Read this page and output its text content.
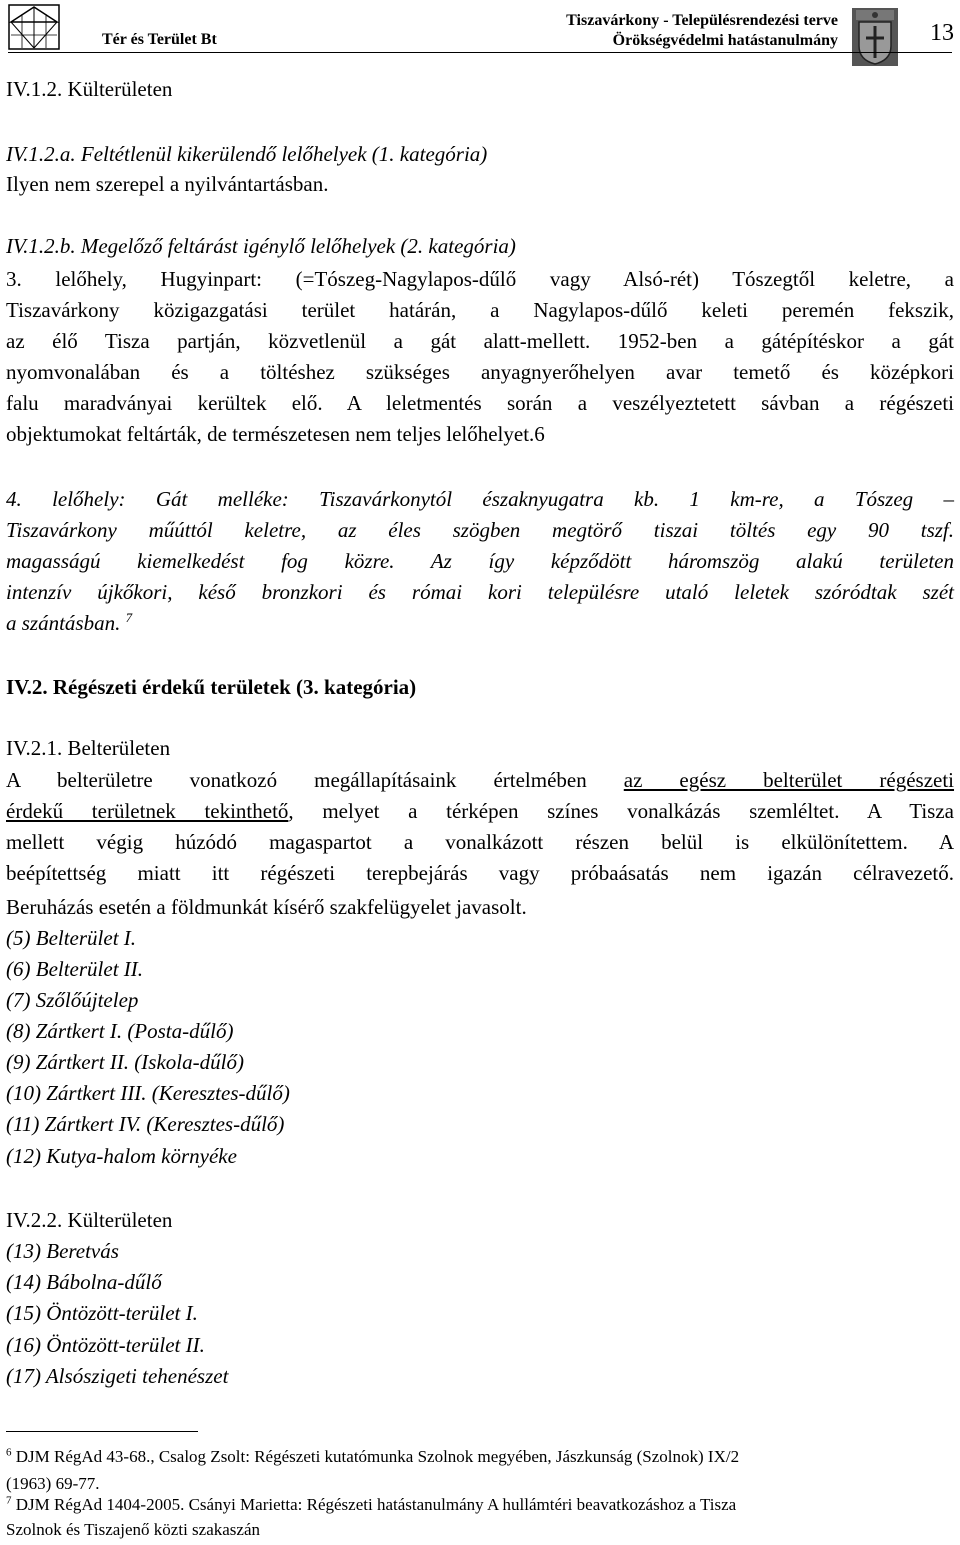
Tér és Terület Bt
Tiszavárkony - Településrendezési terve
Örökségvédelmi hatástanulmány	13
IV.1.2. Külterületen
IV.1.2.a. Feltétlenül kikerülendő lelőhelyek (1. kategória)
Ilyen nem szerepel a nyilvántartásban.
IV.1.2.b. Megelőző feltárást igénylő lelőhelyek (2. kategória)
3. lelőhely, Hugyinpart: (=Tószeg-Nagylapos-dűlő vagy Alsó-rét) Tószegtől keletre, a
Tiszavárkony közigazgatási terület határán, a Nagylapos-dűlő keleti peremén fekszik,
az élő Tisza partján, közvetlenül a gát alatt-mellett. 1952-ben a gátépítéskor a gát
nyomvonalában és a töltéshez szükséges anyagnyerőhelyen avar temető és középkori
falu maradványai kerültek elő. A leletmentés során a veszélyeztetett sávban a régészeti
objektumokat feltárták, de természetesen nem teljes lelőhelyet.6
4. lelőhely: Gát melléke: Tiszavárkonytól északnyugatra kb. 1 km-re, a Tószeg –
Tiszavárkony műúttól keletre, az éles szögben megtörő tiszai töltés egy 90 tszf.
magasságú kiemelkedést fog közre. Az így képződött háromszög alakú területen
intenzív újkőkori, késő bronzkori és római kori településre utaló leletek szóródtak szét
a szántásban. $^7$
IV.2. Régészeti érdekű területek (3. kategória)
IV.2.1. Belterületen
A belterületre vonatkozó megállapításaink értelmében az egész belterület régészeti
érdekű területnek tekinthető, melyet a térképen színes vonalkázás szemléltet. A Tisza
mellett végig húzódó magaspartot a vonalkázott részen belül is elkülönítettem. A
beépítettség miatt itt régészeti terepbejárás vagy próbaásatás nem igazán célravezető.
Beruházás esetén a földmunkát kísérő szakfelügyelet javasolt.
(5) Belterület I.
(6) Belterület II.
(7) Szőlőújtelep
(8) Zártkert I. (Posta-dűlő)
(9) Zártkert II. (Iskola-dűlő)
(10) Zártkert III. (Keresztes-dűlő)
(11) Zártkert IV. (Keresztes-dűlő)
(12) Kutya-halom környéke
IV.2.2. Külterületen
(13) Beretvás
(14) Bábolna-dűlő
(15) Öntözött-terület I.
(16) Öntözött-terület II.
(17) Alsószigeti tehenészet
$^6$ DJM RégAd 43-68., Csalog Zsolt: Régészeti kutatómunka Szolnok megyében, Jászkunság (Szolnok) IX/2
(1963) 69-77.
$^7$ DJM RégAd 1404-2005. Csányi Marietta: Régészeti hatástanulmány A hullámtéri beavatkozáshoz a Tisza
Szolnok és Tiszajenő közti szakaszán
